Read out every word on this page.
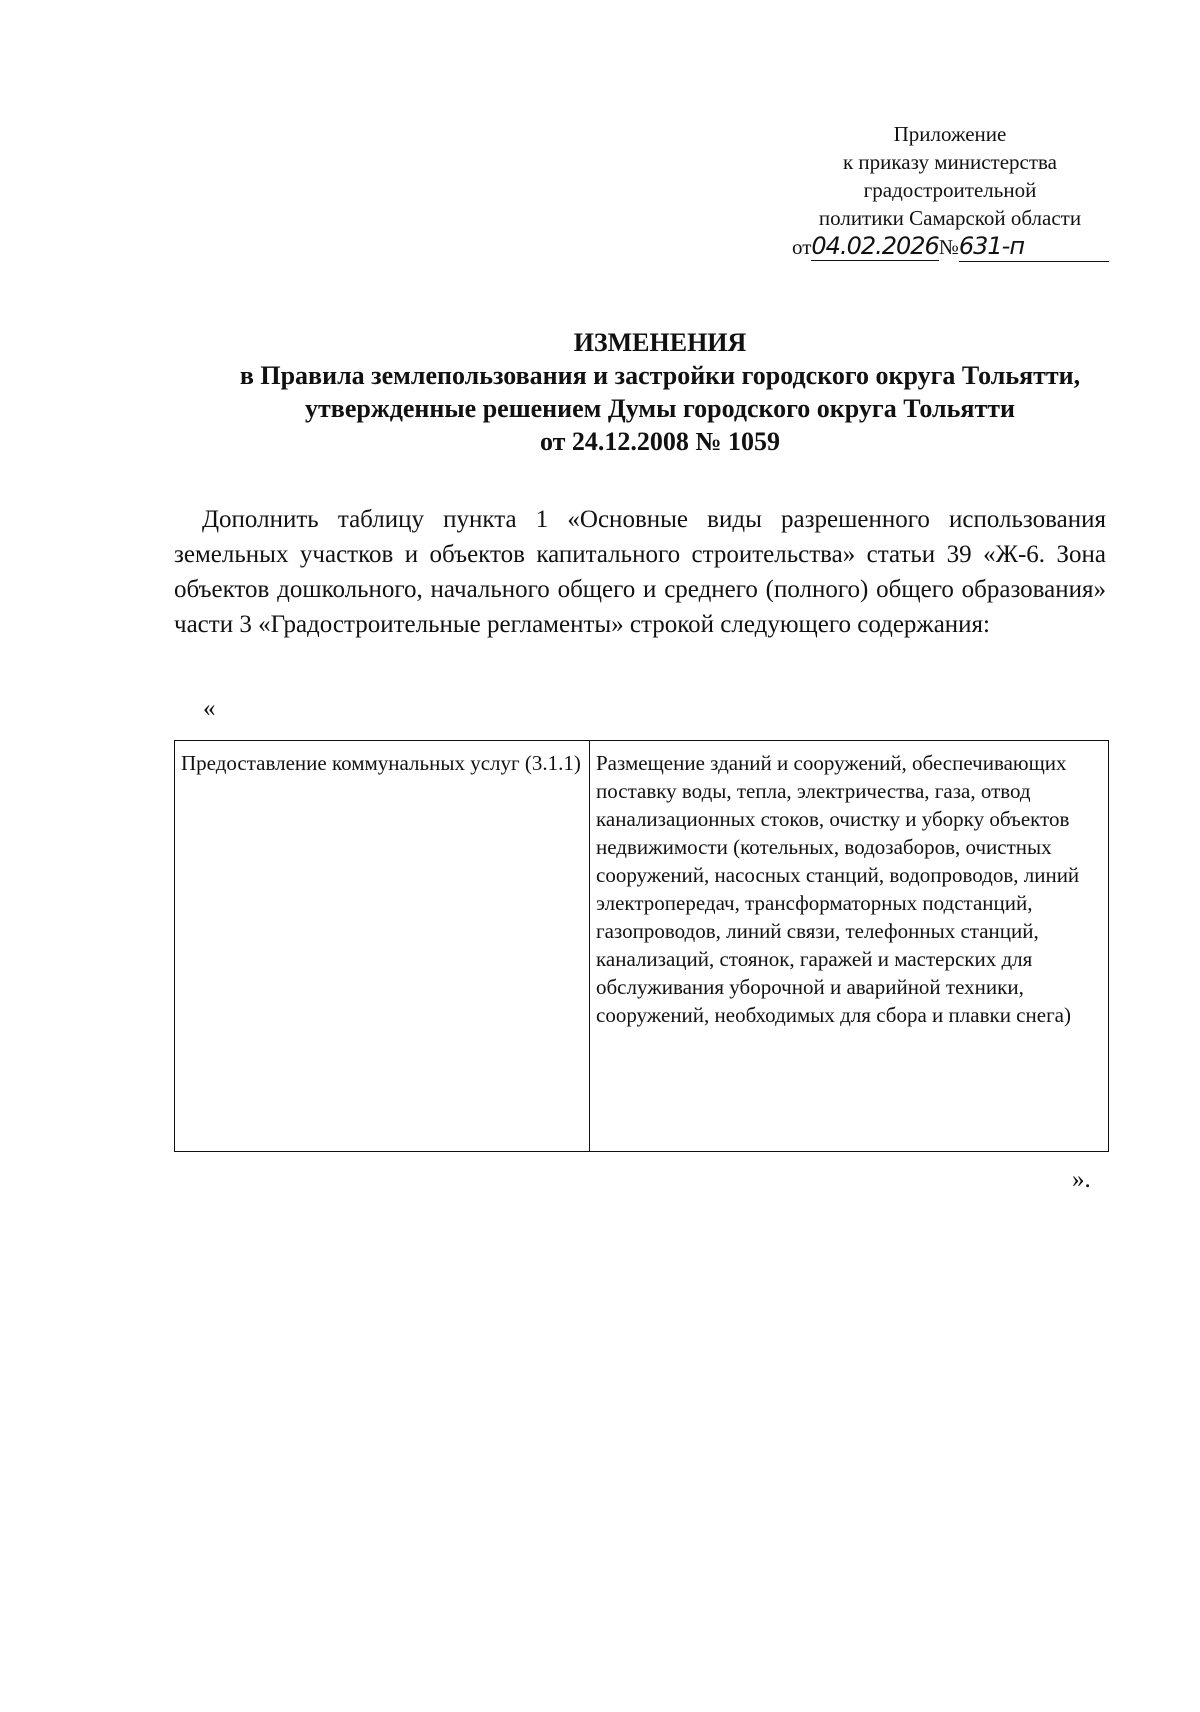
Приложение
к приказу министерства
градостроительной
политики Самарской области
от04.02.2026№631-п
ИЗМЕНЕНИЯ
в Правила землепользования и застройки городского округа Тольятти,
утвержденные решением Думы городского округа Тольятти
от 24.12.2008 № 1059
Дополнить таблицу пункта 1 «Основные виды разрешенного использования земельных участков и объектов капитального строительства» статьи 39 «Ж-6. Зона объектов дошкольного, начального общего и среднего (полного) общего образования» части 3 «Градостроительные регламенты» строкой следующего содержания:
«
Предоставление коммунальных услуг (3.1.1)	Размещение зданий и сооружений, обеспечивающих поставку воды, тепла, электричества, газа, отвод канализационных стоков, очистку и уборку объектов недвижимости (котельных, водозаборов, очистных сооружений, насосных станций, водопроводов, линий электропередач, трансформаторных подстанций, газопроводов, линий связи, телефонных станций, канализаций, стоянок, гаражей и мастерских для обслуживания уборочной и аварийной техники, сооружений, необходимых для сбора и плавки снега)
».
